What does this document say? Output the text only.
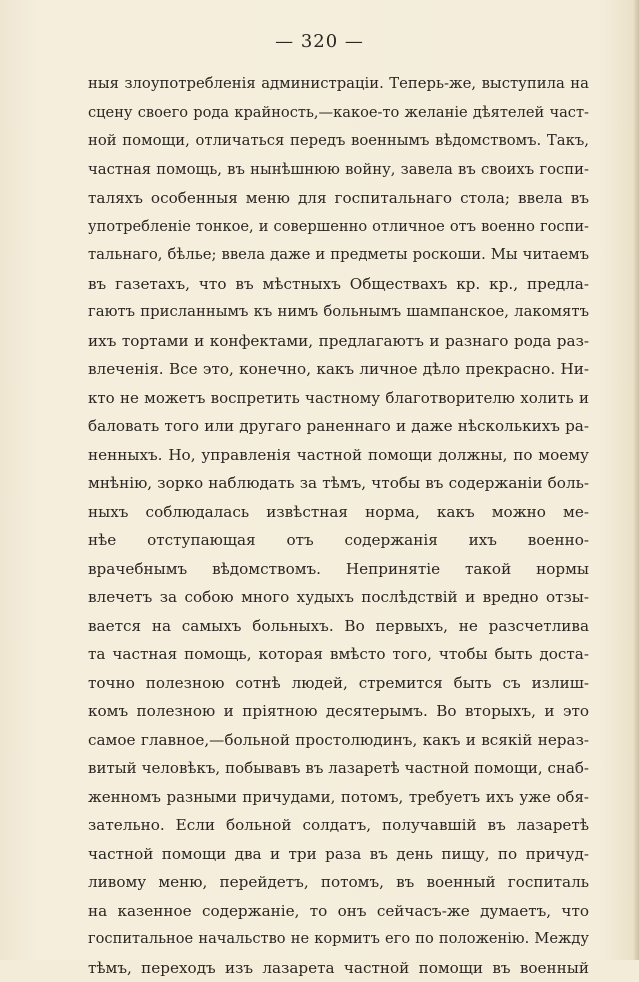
— 320 —
ныя злоупотребленія администраціи. Теперь-же, выступила на
сцену своего рода крайность,—какое-то желаніе дѣятелей част-
ной помощи, отличаться передъ военнымъ вѣдомствомъ. Такъ,
частная помощь, въ нынѣшнюю войну, завела въ своихъ госпи-
таляхъ особенныя меню для госпитальнаго стола; ввела въ
употребленіе тонкое, и совершенно отличное отъ военно госпи-
тальнаго, бѣлье; ввела даже и предметы роскоши. Мы читаемъ
въ газетахъ, что въ мѣстныхъ Обществахъ кр. кр., предла-
гаютъ присланнымъ къ нимъ больнымъ шампанское, лакомятъ
ихъ тортами и конфектами, предлагаютъ и разнаго рода раз-
влеченія. Все это, конечно, какъ личное дѣло прекрасно. Ни-
кто не можетъ воспретить частному благотворителю холить и
баловать того или другаго раненнаго и даже нѣсколькихъ ра-
ненныхъ. Но, управленія частной помощи должны, по моему
мнѣнію, зорко наблюдать за тѣмъ, чтобы въ содержаніи боль-
ныхъ соблюдалась извѣстная норма, какъ можно ме-
нѣе отступающая отъ содержанія ихъ военно-
врачебнымъ вѣдомствомъ. Непринятіе такой нормы
влечетъ за собою много худыхъ послѣдствій и вредно отзы-
вается на самыхъ больныхъ. Во первыхъ, не разсчетлива
та частная помощь, которая вмѣсто того, чтобы быть доста-
точно полезною сотнѣ людей, стремится быть съ излиш-
комъ полезною и пріятною десятерымъ. Во вторыхъ, и это
самое главное,—больной простолюдинъ, какъ и всякій нераз-
витый человѣкъ, побывавъ въ лазаретѣ частной помощи, снаб-
женномъ разными причудами, потомъ, требуетъ ихъ уже обя-
зательно. Если больной солдатъ, получавшій въ лазаретѣ
частной помощи два и три раза въ день пищу, по причуд-
ливому меню, перейдетъ, потомъ, въ военный госпиталь
на казенное содержаніе, то онъ сейчасъ-же думаетъ, что
госпитальное начальство не кормитъ его по положенію. Между
тѣмъ, переходъ изъ лазарета частной помощи въ военный
